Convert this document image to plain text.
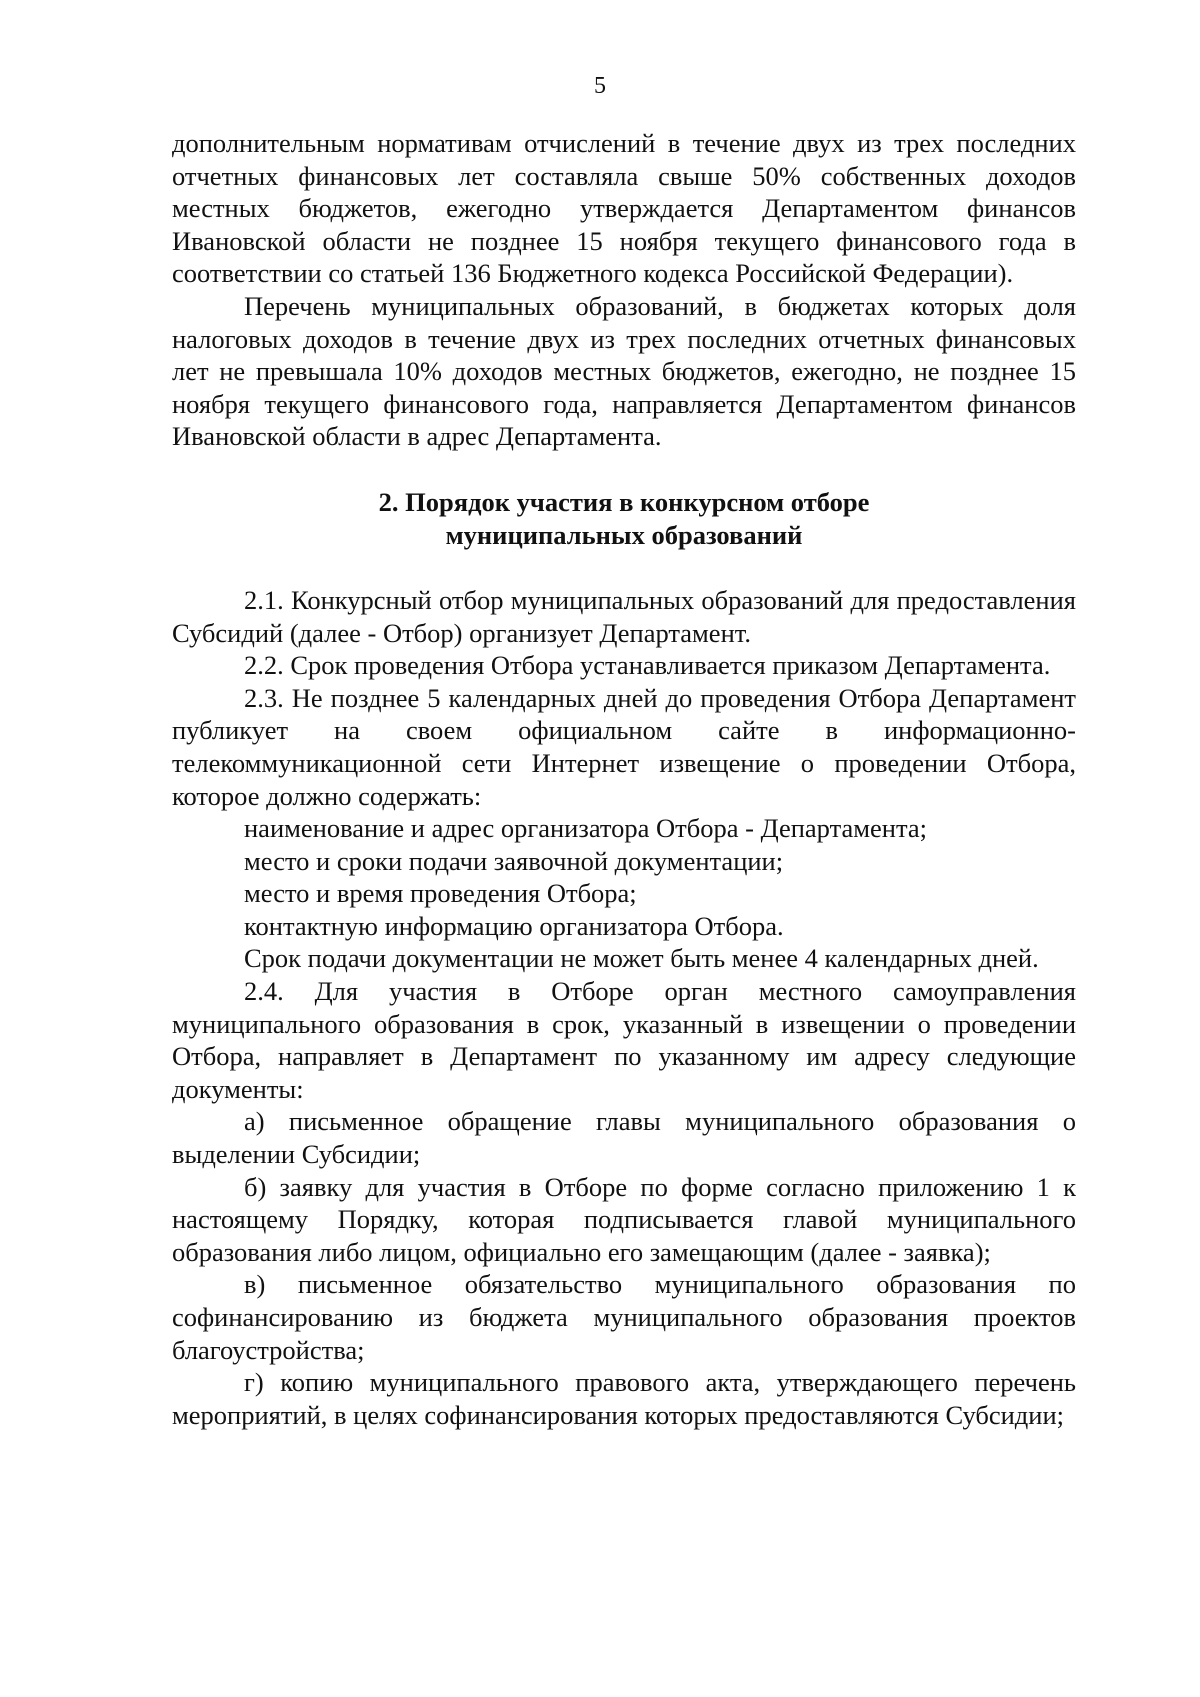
5

дополнительным нормативам отчислений в течение двух из трех последних отчетных финансовых лет составляла свыше 50% собственных доходов местных бюджетов, ежегодно утверждается Департаментом финансов Ивановской области не позднее 15 ноября текущего финансового года в соответствии со статьей 136 Бюджетного кодекса Российской Федерации).

Перечень муниципальных образований, в бюджетах которых доля налоговых доходов в течение двух из трех последних отчетных финансовых лет не превышала 10% доходов местных бюджетов, ежегодно, не позднее 15 ноября текущего финансового года, направляется Департаментом финансов Ивановской области в адрес Департамента.

2. Порядок участия в конкурсном отборе
муниципальных образований

2.1. Конкурсный отбор муниципальных образований для предоставления Субсидий (далее - Отбор) организует Департамент.

2.2. Срок проведения Отбора устанавливается приказом Департамента.

2.3. Не позднее 5 календарных дней до проведения Отбора Департамент публикует на своем официальном сайте в информационно-телекоммуникационной сети Интернет извещение о проведении Отбора, которое должно содержать:

наименование и адрес организатора Отбора - Департамента;

место и сроки подачи заявочной документации;

место и время проведения Отбора;

контактную информацию организатора Отбора.

Срок подачи документации не может быть менее 4 календарных дней.

2.4. Для участия в Отборе орган местного самоуправления муниципального образования в срок, указанный в извещении о проведении Отбора, направляет в Департамент по указанному им адресу следующие документы:

а) письменное обращение главы муниципального образования о выделении Субсидии;

б) заявку для участия в Отборе по форме согласно приложению 1 к настоящему Порядку, которая подписывается главой муниципального образования либо лицом, официально его замещающим (далее - заявка);

в) письменное обязательство муниципального образования по софинансированию из бюджета муниципального образования проектов благоустройства;

г) копию муниципального правового акта, утверждающего перечень мероприятий, в целях софинансирования которых предоставляются Субсидии;
